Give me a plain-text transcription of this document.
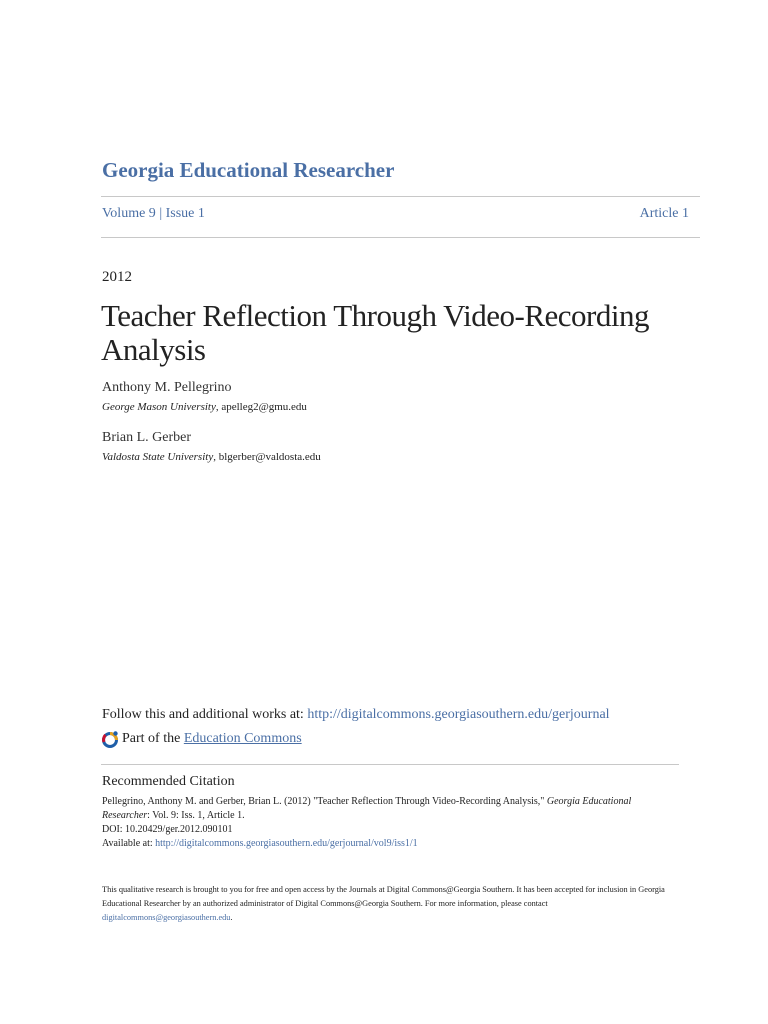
Georgia Educational Researcher
Volume 9 | Issue 1	Article 1
2012
Teacher Reflection Through Video-Recording Analysis
Anthony M. Pellegrino
George Mason University, apelleg2@gmu.edu
Brian L. Gerber
Valdosta State University, blgerber@valdosta.edu
Follow this and additional works at: http://digitalcommons.georgiasouthern.edu/gerjournal
Part of the
Education Commons
Recommended Citation
Pellegrino, Anthony M. and Gerber, Brian L. (2012) "Teacher Reflection Through Video-Recording Analysis," Georgia Educational Researcher: Vol. 9: Iss. 1, Article 1.
DOI: 10.20429/ger.2012.090101
Available at: http://digitalcommons.georgiasouthern.edu/gerjournal/vol9/iss1/1
This qualitative research is brought to you for free and open access by the Journals at Digital Commons@Georgia Southern. It has been accepted for inclusion in Georgia Educational Researcher by an authorized administrator of Digital Commons@Georgia Southern. For more information, please contact digitalcommons@georgiasouthern.edu.
